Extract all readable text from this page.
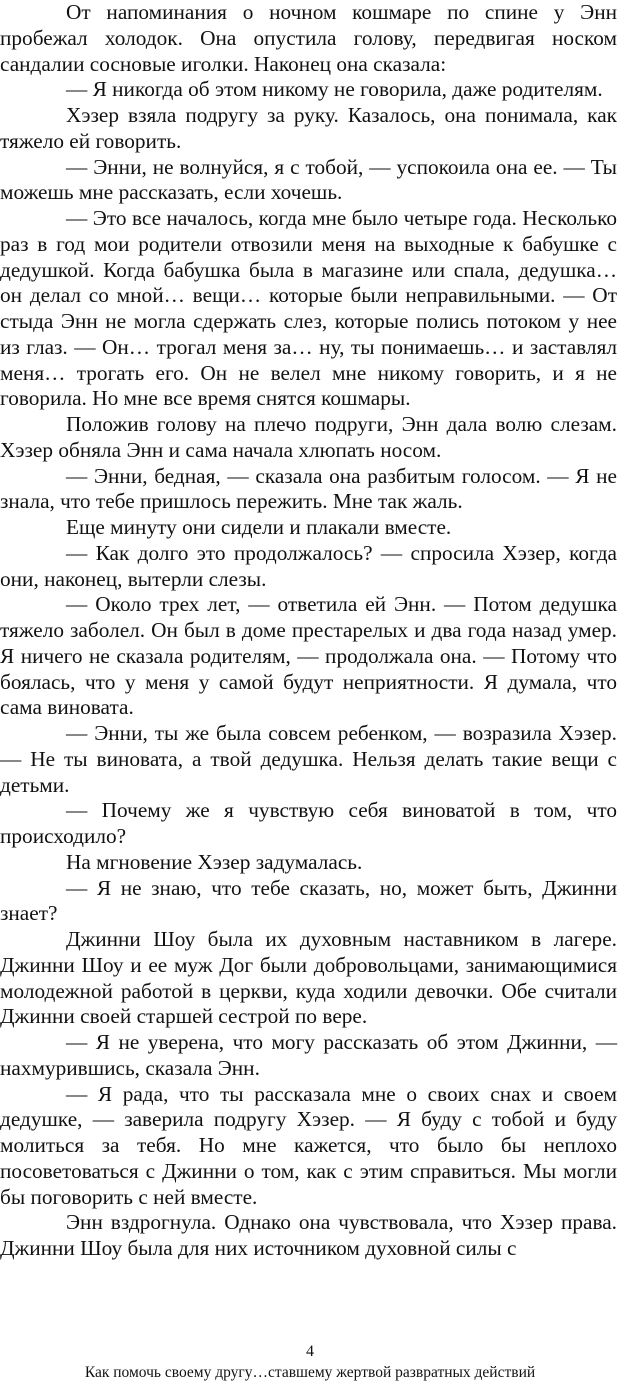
От напоминания о ночном кошмаре по спине у Энн пробежал холодок. Она опустила голову, передвигая носком сандалии сосновые иголки. Наконец она сказала:

— Я никогда об этом никому не говорила, даже родителям.

Хэзер взяла подругу за руку. Казалось, она понимала, как тяжело ей говорить.

— Энни, не волнуйся, я с тобой, — успокоила она ее. — Ты можешь мне рассказать, если хочешь.

— Это все началось, когда мне было четыре года. Несколько раз в год мои родители отвозили меня на выходные к бабушке с дедушкой. Когда бабушка была в магазине или спала, дедушка… он делал со мной… вещи… которые были неправильными. — От стыда Энн не могла сдержать слез, которые полись потоком у нее из глаз. — Он… трогал меня за… ну, ты понимаешь… и заставлял меня… трогать его. Он не велел мне никому говорить, и я не говорила. Но мне все время снятся кошмары.

Положив голову на плечо подруги, Энн дала волю слезам. Хэзер обняла Энн и сама начала хлюпать носом.

— Энни, бедная, — сказала она разбитым голосом. — Я не знала, что тебе пришлось пережить. Мне так жаль.

Еще минуту они сидели и плакали вместе.

— Как долго это продолжалось? — спросила Хэзер, когда они, наконец, вытерли слезы.

— Около трех лет, — ответила ей Энн. — Потом дедушка тяжело заболел. Он был в доме престарелых и два года назад умер. Я ничего не сказала родителям, — продолжала она. — Потому что боялась, что у меня у самой будут неприятности. Я думала, что сама виновата.

— Энни, ты же была совсем ребенком, — возразила Хэзер. — Не ты виновата, а твой дедушка. Нельзя делать такие вещи с детьми.

— Почему же я чувствую себя виноватой в том, что происходило?

На мгновение Хэзер задумалась.

— Я не знаю, что тебе сказать, но, может быть, Джинни знает?

Джинни Шоу была их духовным наставником в лагере. Джинни Шоу и ее муж Дог были добровольцами, занимающимися молодежной работой в церкви, куда ходили девочки. Обе считали Джинни своей старшей сестрой по вере.

— Я не уверена, что могу рассказать об этом Джинни, — нахмурившись, сказала Энн.

— Я рада, что ты рассказала мне о своих снах и своем дедушке, — заверила подругу Хэзер. — Я буду с тобой и буду молиться за тебя. Но мне кажется, что было бы неплохо посоветоваться с Джинни о том, как с этим справиться. Мы могли бы поговорить с ней вместе.

Энн вздрогнула. Однако она чувствовала, что Хэзер права. Джинни Шоу была для них источником духовной силы с

4
Как помочь своему другу…ставшему жертвой развратных действий
